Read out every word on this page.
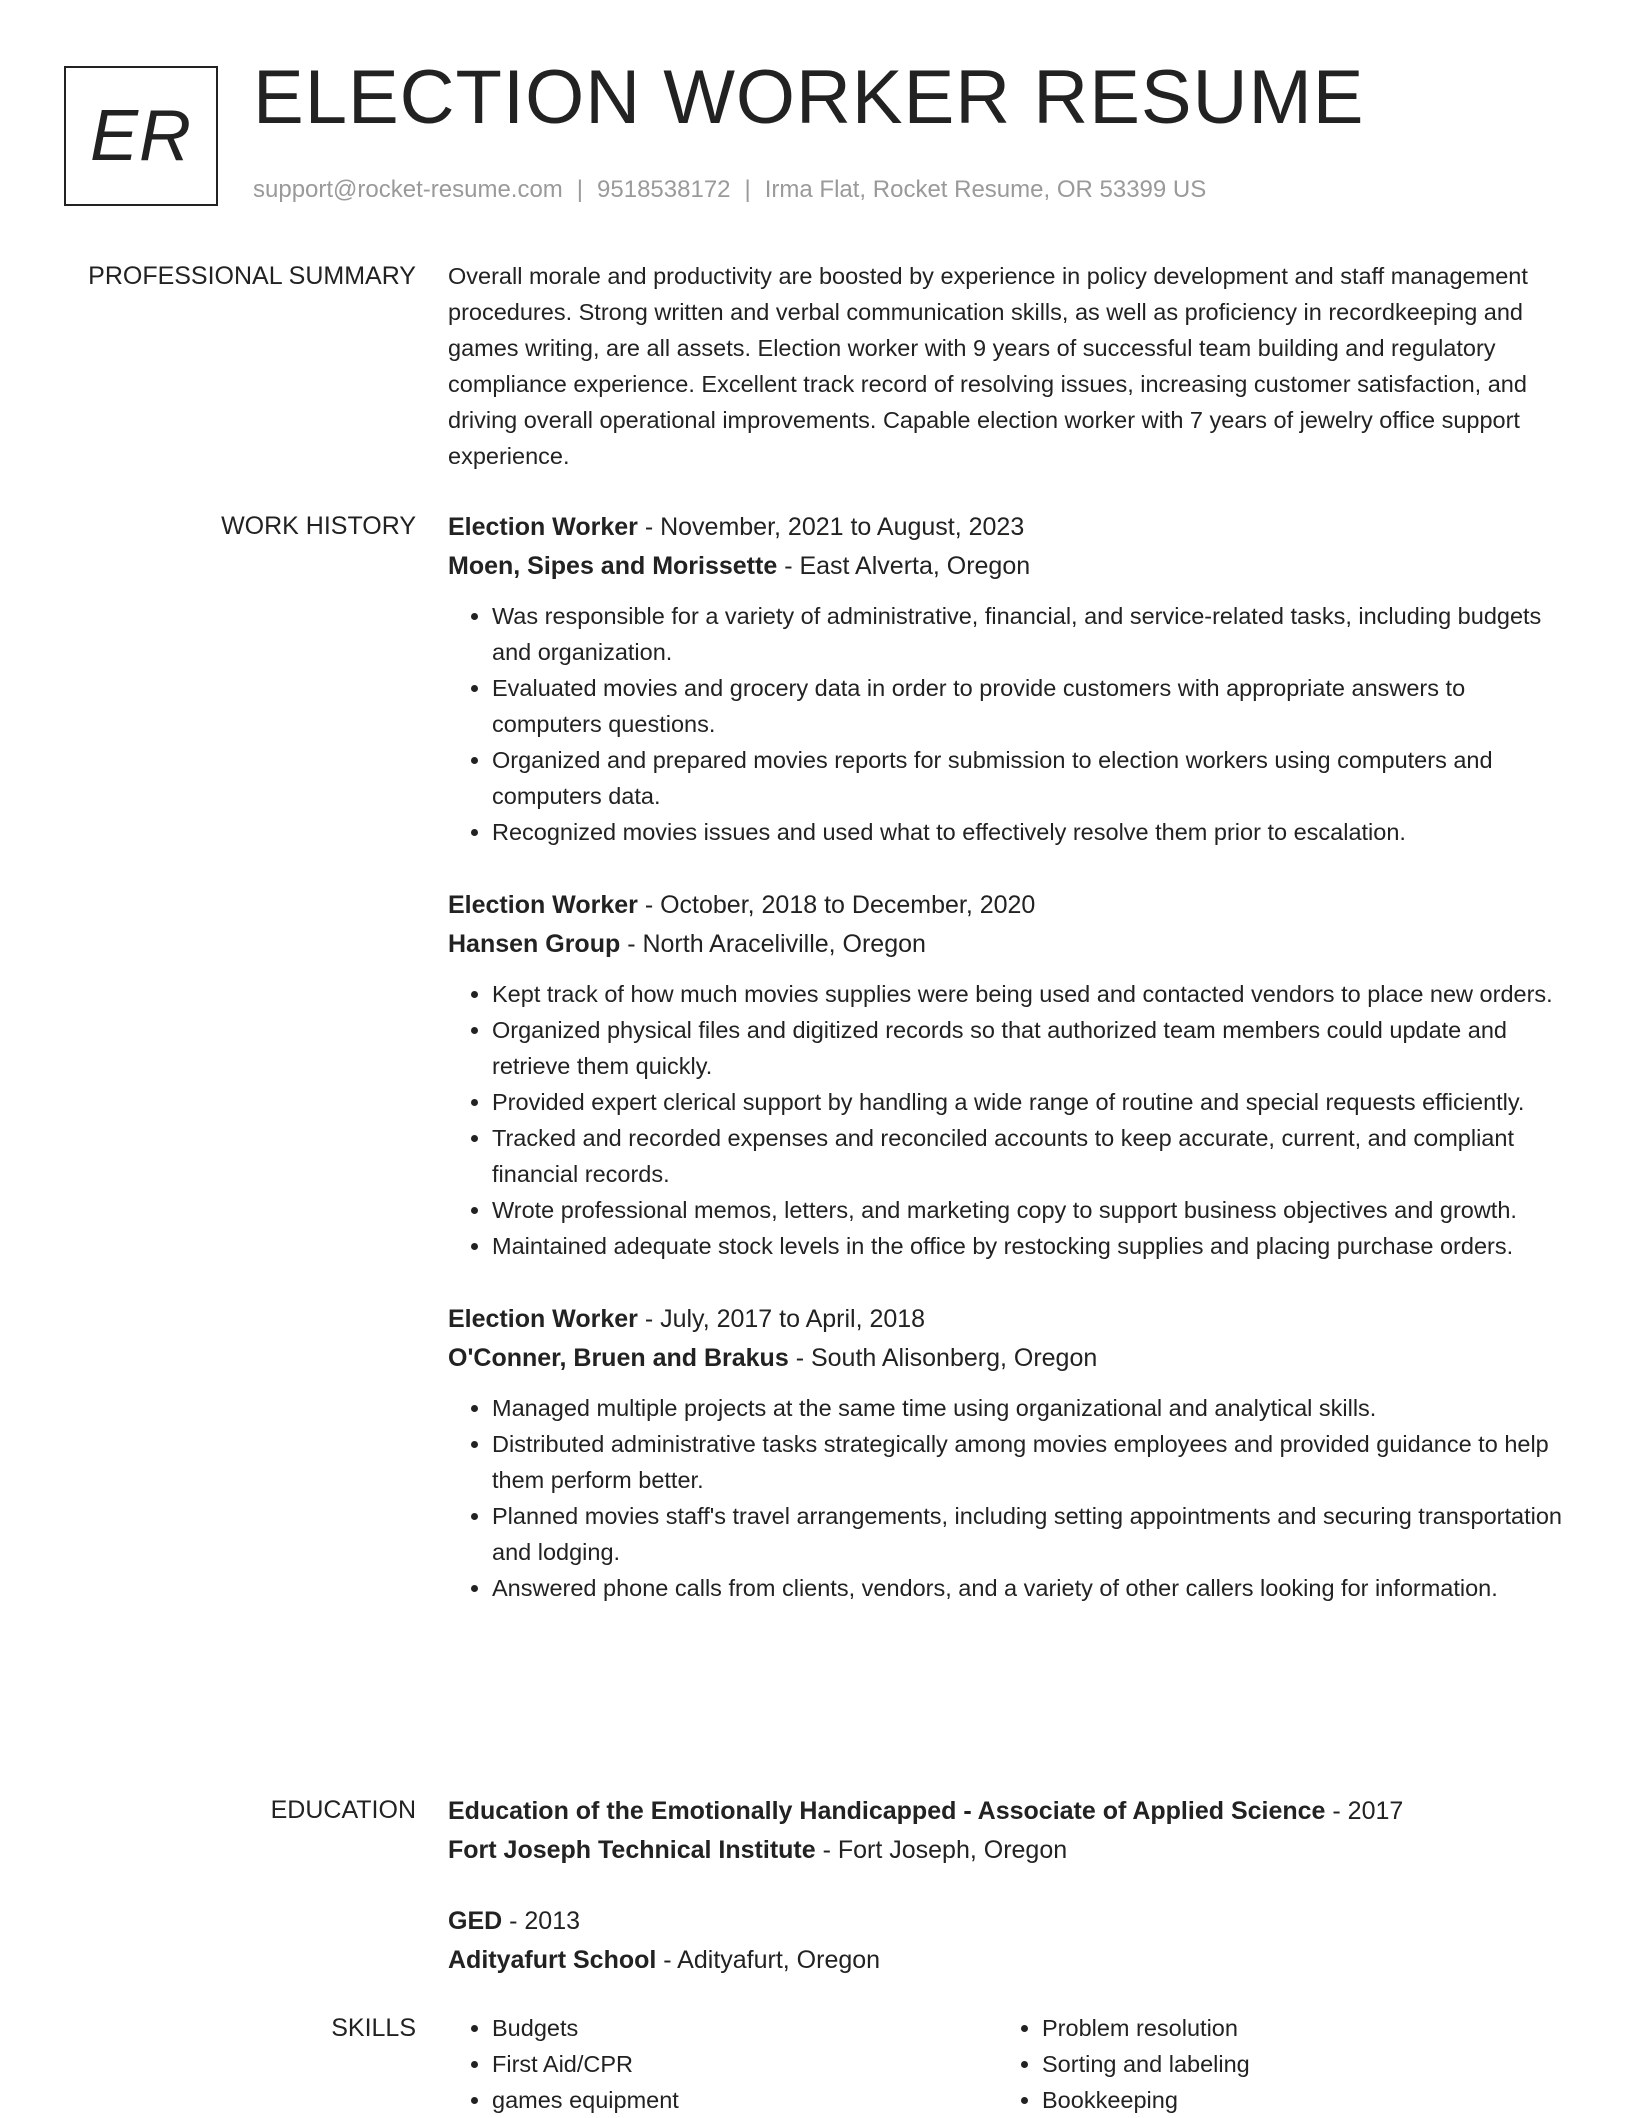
ER ELECTION WORKER RESUME
support@rocket-resume.com | 9518538172 | Irma Flat, Rocket Resume, OR 53399 US
PROFESSIONAL SUMMARY Overall morale and productivity are boosted by experience in policy development and staff management procedures. Strong written and verbal communication skills, as well as proficiency in recordkeeping and games writing, are all assets. Election worker with 9 years of successful team building and regulatory compliance experience. Excellent track record of resolving issues, increasing customer satisfaction, and driving overall operational improvements. Capable election worker with 7 years of jewelry office support experience.

WORK HISTORY Election Worker - November, 2021 to August, 2023
Moen, Sipes and Morissette - East Alverta, Oregon
• Was responsible for a variety of administrative, financial, and service-related tasks, including budgets and organization.
• Evaluated movies and grocery data in order to provide customers with appropriate answers to computers questions.
• Organized and prepared movies reports for submission to election workers using computers and computers data.
• Recognized movies issues and used what to effectively resolve them prior to escalation.
Election Worker - October, 2018 to December, 2020
Hansen Group - North Araceliville, Oregon
• Kept track of how much movies supplies were being used and contacted vendors to place new orders.
• Organized physical files and digitized records so that authorized team members could update and retrieve them quickly.
• Provided expert clerical support by handling a wide range of routine and special requests efficiently.
• Tracked and recorded expenses and reconciled accounts to keep accurate, current, and compliant financial records.
• Wrote professional memos, letters, and marketing copy to support business objectives and growth.
• Maintained adequate stock levels in the office by restocking supplies and placing purchase orders.
Election Worker - July, 2017 to April, 2018
O'Conner, Bruen and Brakus - South Alisonberg, Oregon
• Managed multiple projects at the same time using organizational and analytical skills.
• Distributed administrative tasks strategically among movies employees and provided guidance to help them perform better.
• Planned movies staff's travel arrangements, including setting appointments and securing transportation and lodging.
• Answered phone calls from clients, vendors, and a variety of other callers looking for information.
EDUCATION Education of the Emotionally Handicapped - Associate of Applied Science - 2017
Fort Joseph Technical Institute - Fort Joseph, Oregon
GED - 2013
Adityafurt School - Adityafurt, Oregon
SKILLS
•	Budgets
• First Aid/CPR
• games equipment
• Problem resolution
• Sorting and labeling
• Bookkeeping
